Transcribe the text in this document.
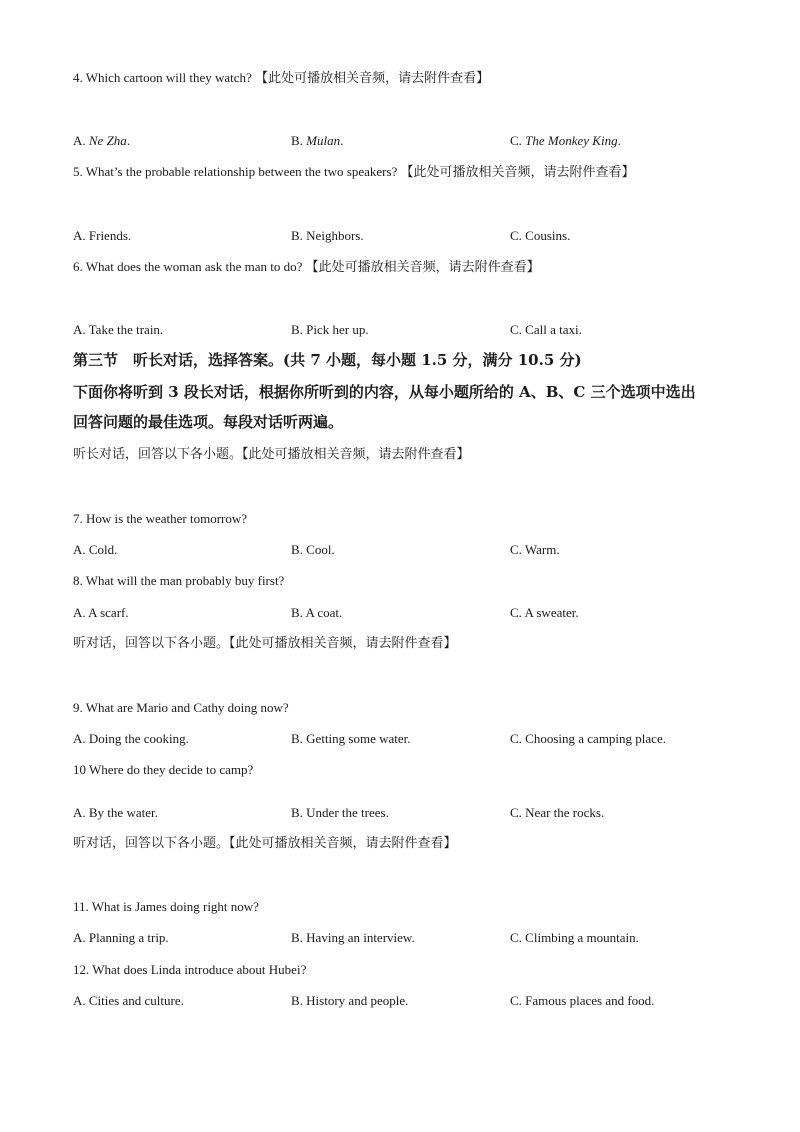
4. Which cartoon will they watch? 【此处可播放相关音频，请去附件查看】
A. Ne Zha.	B. Mulan.	C. The Monkey King.
5. What’s the probable relationship between the two speakers? 【此处可播放相关音频，请去附件查看】
A. Friends.	B. Neighbors.	C. Cousins.
6. What does the woman ask the man to do? 【此处可播放相关音频，请去附件查看】
A. Take the train.	B. Pick her up.	C. Call a taxi.
第三节　听长对话，选择答案。(共 7 小题，每小题 1.5 分，满分 10.5 分)
下面你将听到 3 段长对话，根据你所听到的内容，从每小题所给的 A、B、C 三个选项中选出
回答问题的最佳选项。每段对话听两遍。
听长对话，回答以下各小题。【此处可播放相关音频，请去附件查看】
7. How is the weather tomorrow?
A. Cold.	B. Cool.	C. Warm.
8. What will the man probably buy first?
A. A scarf.	B. A coat.	C. A sweater.
听对话，回答以下各小题。【此处可播放相关音频，请去附件查看】
9. What are Mario and Cathy doing now?
A. Doing the cooking.	B. Getting some water.	C. Choosing a camping place.
10 Where do they decide to camp?
A. By the water.	B. Under the trees.	C. Near the rocks.
听对话，回答以下各小题。【此处可播放相关音频，请去附件查看】
11. What is James doing right now?
A. Planning a trip.	B. Having an interview.	C. Climbing a mountain.
12. What does Linda introduce about Hubei?
A. Cities and culture.	B. History and people.	C. Famous places and food.
